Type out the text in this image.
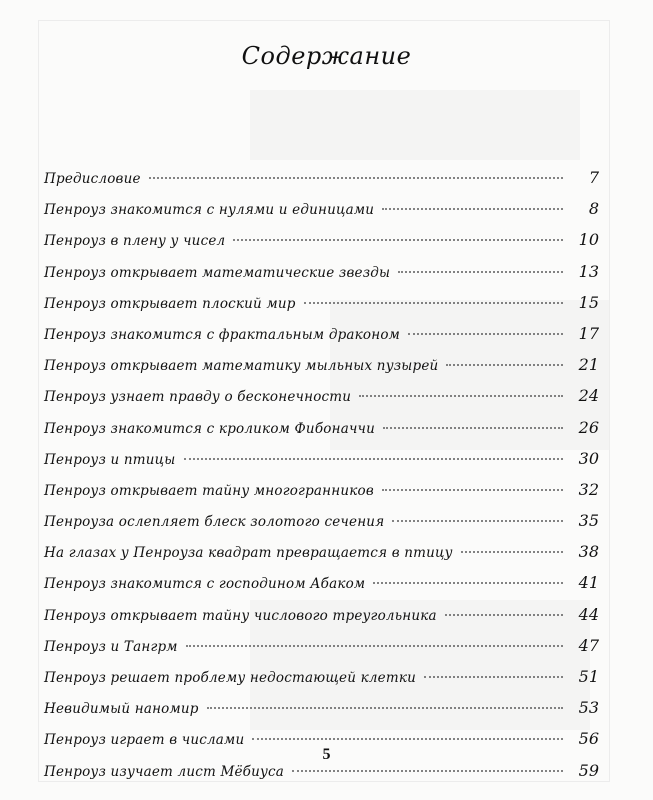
Содержание
Предисловие	7
Пенроуз знакомится с нулями и единицами	8
Пенроуз в плену у чисел	10
Пенроуз открывает математические звезды	13
Пенроуз открывает плоский мир	15
Пенроуз знакомится с фрактальным драконом	17
Пенроуз открывает математику мыльных пузырей	21
Пенроуз узнает правду о бесконечности	24
Пенроуз знакомится с кроликом Фибоначчи	26
Пенроуз и птицы	30
Пенроуз открывает тайну многогранников	32
Пенроуза ослепляет блеск золотого сечения	35
На глазах у Пенроуза квадрат превращается в птицу	38
Пенроуз знакомится с господином Абаком	41
Пенроуз открывает тайну числового треугольника	44
Пенроуз и Тангрм	47
Пенроуз решает проблему недостающей клетки	51
Невидимый наномир	53
Пенроуз играет в числами	56
Пенроуз изучает лист Мёбиуса	59
5
